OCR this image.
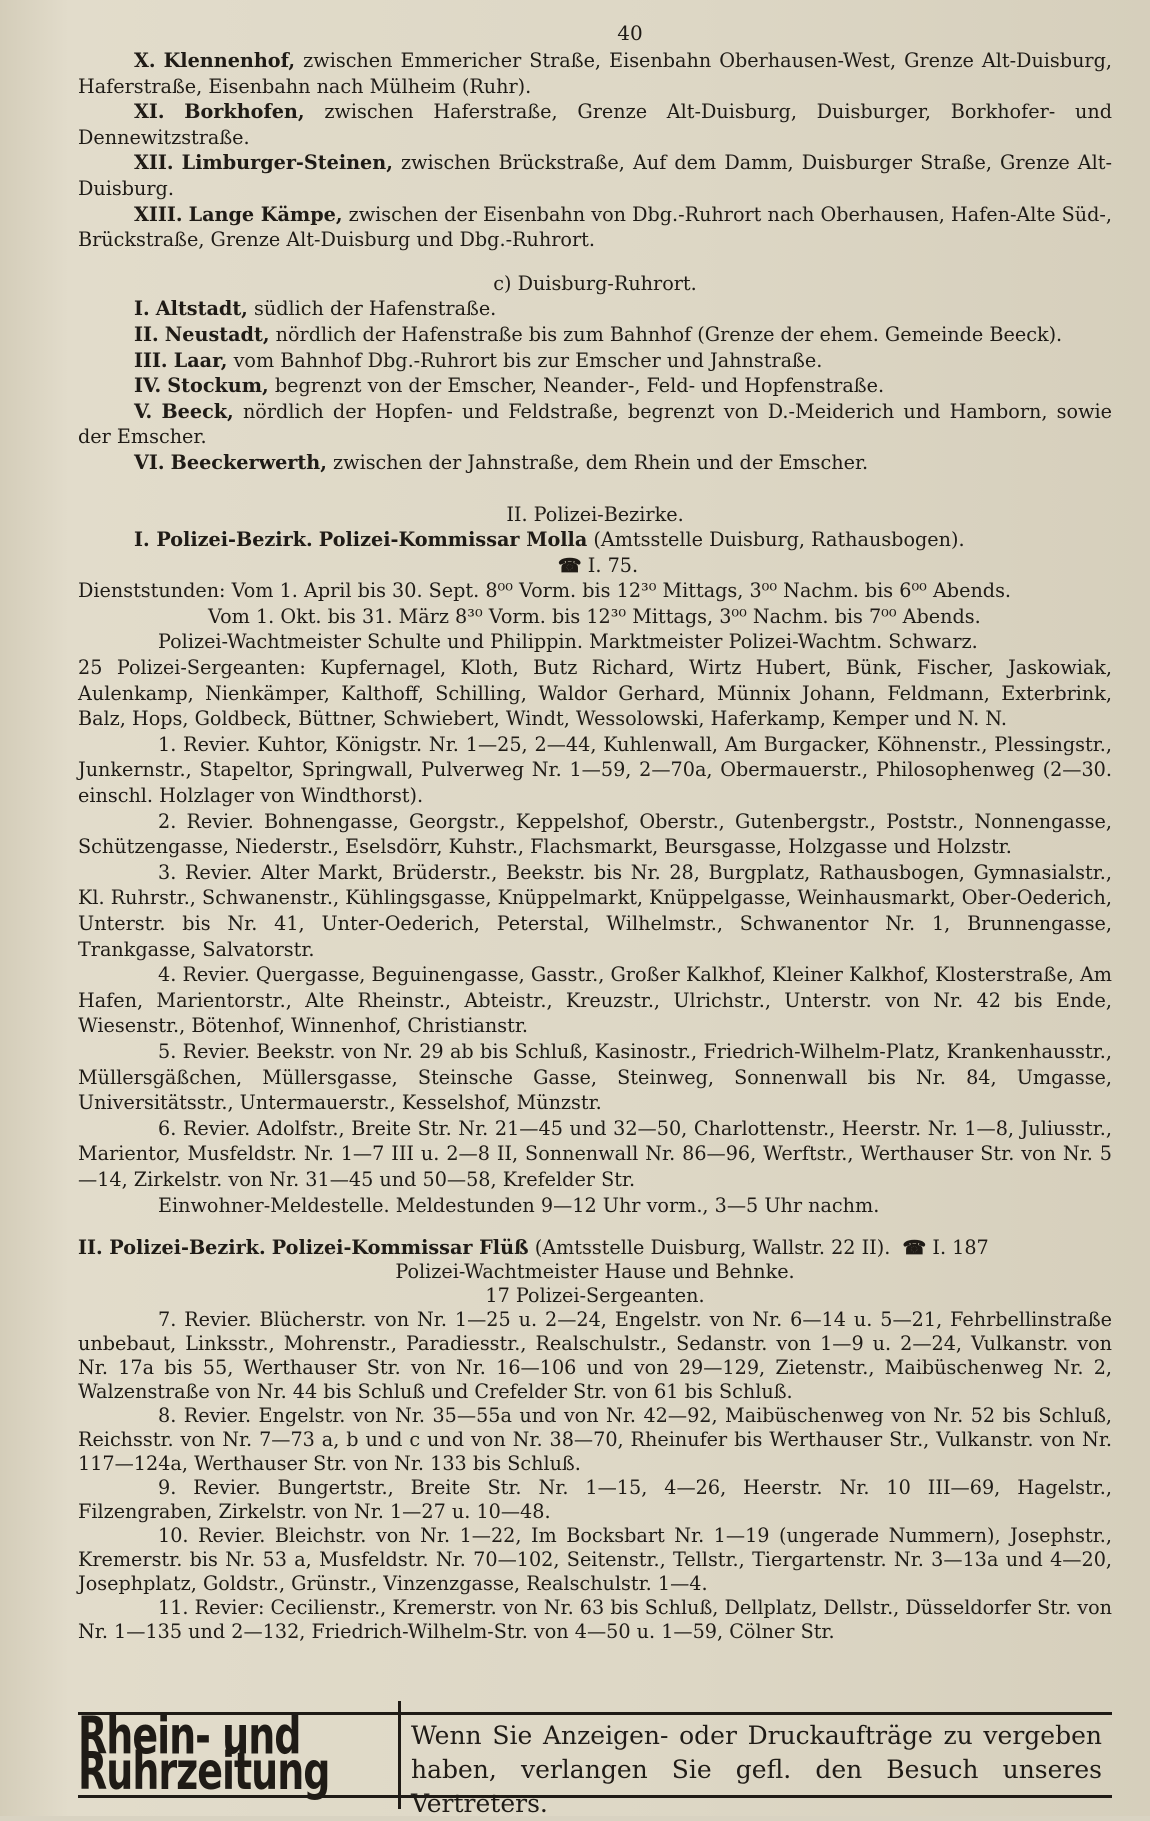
40

X. Klennenhof, zwischen Emmericher Straße, Eisenbahn Oberhausen-West, Grenze Alt-Duisburg, Haferstraße, Eisenbahn nach Mülheim (Ruhr).

XI. Borkhofen, zwischen Haferstraße, Grenze Alt-Duisburg, Duisburger, Borkhofer- und Dennewitzstraße.

XII. Limburger-Steinen, zwischen Brückstraße, Auf dem Damm, Duisburger Straße, Grenze Alt-Duisburg.

XIII. Lange Kämpe, zwischen der Eisenbahn von Dbg.-Ruhrort nach Oberhausen, Hafen-Alte Süd-, Brückstraße, Grenze Alt-Duisburg und Dbg.-Ruhrort.

c) Duisburg-Ruhrort.

I. Altstadt, südlich der Hafenstraße.

II. Neustadt, nördlich der Hafenstraße bis zum Bahnhof (Grenze der ehem. Gemeinde Beeck).

III. Laar, vom Bahnhof Dbg.-Ruhrort bis zur Emscher und Jahnstraße.

IV. Stockum, begrenzt von der Emscher, Neander-, Feld- und Hopfenstraße.

V. Beeck, nördlich der Hopfen- und Feldstraße, begrenzt von D.-Meiderich und Hamborn, sowie der Emscher.

VI. Beeckerwerth, zwischen der Jahnstraße, dem Rhein und der Emscher.

II. Polizei-Bezirke.

I. Polizei-Bezirk. Polizei-Kommissar Molla (Amtsstelle Duisburg, Rathausbogen).

☎ I. 75.

Dienststunden: Vom 1. April bis 30. Sept. 8⁰⁰ Vorm. bis 12³⁰ Mittags, 3⁰⁰ Nachm. bis 6⁰⁰ Abends.

Vom 1. Okt. bis 31. März 8³⁰ Vorm. bis 12³⁰ Mittags, 3⁰⁰ Nachm. bis 7⁰⁰ Abends.

Polizei-Wachtmeister Schulte und Philippin. Marktmeister Polizei-Wachtm. Schwarz.

25 Polizei-Sergeanten: Kupfernagel, Kloth, Butz Richard, Wirtz Hubert, Bünk, Fischer, Jaskowiak, Aulenkamp, Nienkämper, Kalthoff, Schilling, Waldor Gerhard, Münnix Johann, Feldmann, Exterbrink, Balz, Hops, Goldbeck, Büttner, Schwiebert, Windt, Wessolowski, Haferkamp, Kemper und N. N.

1. Revier. Kuhtor, Königstr. Nr. 1—25, 2—44, Kuhlenwall, Am Burgacker, Köhnenstr., Plessingstr., Junkernstr., Stapeltor, Springwall, Pulverweg Nr. 1—59, 2—70a, Obermauerstr., Philosophenweg (2—30. einschl. Holzlager von Windthorst).

2. Revier. Bohnengasse, Georgstr., Keppelshof, Oberstr., Gutenbergstr., Poststr., Nonnengasse, Schützengasse, Niederstr., Eselsdörr, Kuhstr., Flachsmarkt, Beursgasse, Holzgasse und Holzstr.

3. Revier. Alter Markt, Brüderstr., Beekstr. bis Nr. 28, Burgplatz, Rathausbogen, Gymnasialstr., Kl. Ruhrstr., Schwanenstr., Kühlingsgasse, Knüppelmarkt, Knüppelgasse, Weinhausmarkt, Ober-Oederich, Unterstr. bis Nr. 41, Unter-Oederich, Peterstal, Wilhelmstr., Schwanentor Nr. 1, Brunnengasse, Trankgasse, Salvatorstr.

4. Revier. Quergasse, Beguinengasse, Gasstr., Großer Kalkhof, Kleiner Kalkhof, Klosterstraße, Am Hafen, Marientorstr., Alte Rheinstr., Abteistr., Kreuzstr., Ulrichstr., Unterstr. von Nr. 42 bis Ende, Wiesenstr., Bötenhof, Winnenhof, Christianstr.

5. Revier. Beekstr. von Nr. 29 ab bis Schluß, Kasinostr., Friedrich-Wilhelm-Platz, Krankenhausstr., Müllersgäßchen, Müllersgasse, Steinsche Gasse, Steinweg, Sonnenwall bis Nr. 84, Umgasse, Universitätsstr., Untermauerstr., Kesselshof, Münzstr.

6. Revier. Adolfstr., Breite Str. Nr. 21—45 und 32—50, Charlottenstr., Heerstr. Nr. 1—8, Juliusstr., Marientor, Musfeldstr. Nr. 1—7 III u. 2—8 II, Sonnenwall Nr. 86—96, Werftstr., Werthauser Str. von Nr. 5—14, Zirkelstr. von Nr. 31—45 und 50—58, Krefelder Str.

Einwohner-Meldestelle. Meldestunden 9—12 Uhr vorm., 3—5 Uhr nachm.

II. Polizei-Bezirk. Polizei-Kommissar Flüß (Amtsstelle Duisburg, Wallstr. 22 II). ☎ I. 187

Polizei-Wachtmeister Hause und Behnke.

17 Polizei-Sergeanten.

7. Revier. Blücherstr. von Nr. 1—25 u. 2—24, Engelstr. von Nr. 6—14 u. 5—21, Fehrbellinstraße unbebaut, Linksstr., Mohrenstr., Paradiesstr., Realschulstr., Sedanstr. von 1—9 u. 2—24, Vulkanstr. von Nr. 17a bis 55, Werthauser Str. von Nr. 16—106 und von 29—129, Zietenstr., Maibüschenweg Nr. 2, Walzenstraße von Nr. 44 bis Schluß und Crefelder Str. von 61 bis Schluß.

8. Revier. Engelstr. von Nr. 35—55a und von Nr. 42—92, Maibüschenweg von Nr. 52 bis Schluß, Reichsstr. von Nr. 7—73 a, b und c und von Nr. 38—70, Rheinufer bis Werthauser Str., Vulkanstr. von Nr. 117—124a, Werthauser Str. von Nr. 133 bis Schluß.

9. Revier. Bungertstr., Breite Str. Nr. 1—15, 4—26, Heerstr. Nr. 10 III—69, Hagelstr., Filzengraben, Zirkelstr. von Nr. 1—27 u. 10—48.

10. Revier. Bleichstr. von Nr. 1—22, Im Bocksbart Nr. 1—19 (ungerade Nummern), Josephstr., Kremerstr. bis Nr. 53 a, Musfeldstr. Nr. 70—102, Seitenstr., Tellstr., Tiergartenstr. Nr. 3—13a und 4—20, Josephplatz, Goldstr., Grünstr., Vinzenzgasse, Realschulstr. 1—4.

11. Revier: Cecilienstr., Kremerstr. von Nr. 63 bis Schluß, Dellplatz, Dellstr., Düsseldorfer Str. von Nr. 1—135 und 2—132, Friedrich-Wilhelm-Str. von 4—50 u. 1—59, Cölner Str.

Rhein- und Ruhrzeitung
Wenn Sie Anzeigen- oder Druckaufträge zu vergeben
haben, verlangen Sie gefl. den Besuch unseres Vertreters.
